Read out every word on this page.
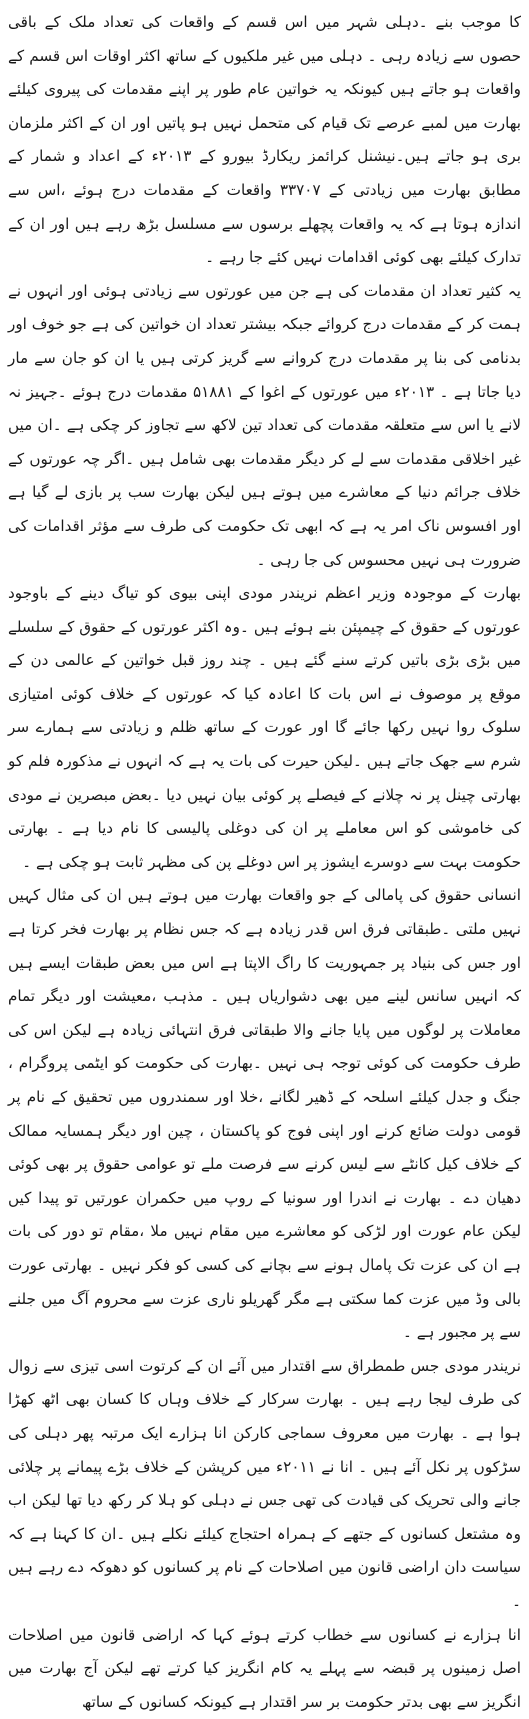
کا موجب بنے ۔دہلی شہر میں اس قسم کے واقعات کی تعداد ملک کے باقی حصوں سے زیادہ رہی ۔ دہلی میں غیر ملکیوں کے ساتھ اکثر اوقات اس قسم کے واقعات ہو جاتے ہیں کیونکہ یہ خواتین عام طور پر اپنے مقدمات کی پیروی کیلئے بھارت میں لمبے عرصے تک قیام کی متحمل نہیں ہو پاتیں اور ان کے اکثر ملزمان بری ہو جاتے ہیں۔نیشنل کرائمز ریکارڈ بیورو کے ۲۰۱۳ء کے اعداد و شمار کے مطابق بھارت میں زیادتی کے ۳۳۷۰۷ واقعات کے مقدمات درج ہوئے ،اس سے اندازہ ہوتا ہے کہ یہ واقعات پچھلے برسوں سے مسلسل بڑھ رہے ہیں اور ان کے تدارک کیلئے بھی کوئی اقدامات نہیں کئے جا رہے ۔

یہ کثیر تعداد ان مقدمات کی ہے جن میں عورتوں سے زیادتی ہوئی اور انہوں نے ہمت کر کے مقدمات درج کروائے جبکہ بیشتر تعداد ان خواتین کی ہے جو خوف اور بدنامی کی بنا پر مقدمات درج کروانے سے گریز کرتی ہیں یا ان کو جان سے مار دیا جاتا ہے ۔ ۲۰۱۳ء میں عورتوں کے اغوا کے ۵۱۸۸۱ مقدمات درج ہوئے ۔جہیز نہ لانے یا اس سے متعلقہ مقدمات کی تعداد تین لاکھ سے تجاوز کر چکی ہے ۔ان میں غیر اخلاقی مقدمات سے لے کر دیگر مقدمات بھی شامل ہیں ۔اگر چہ عورتوں کے خلاف جرائم دنیا کے معاشرے میں ہوتے ہیں لیکن بھارت سب پر بازی لے گیا ہے اور افسوس ناک امر یہ ہے کہ ابھی تک حکومت کی طرف سے مؤثر اقدامات کی ضرورت ہی نہیں محسوس کی جا رہی ۔

بھارت کے موجودہ وزیر اعظم نریندر مودی اپنی بیوی کو تیاگ دینے کے باوجود عورتوں کے حقوق کے چیمپئن بنے ہوئے ہیں ۔وہ اکثر عورتوں کے حقوق کے سلسلے میں بڑی بڑی باتیں کرتے سنے گئے ہیں ۔ چند روز قبل خواتین کے عالمی دن کے موقع پر موصوف نے اس بات کا اعادہ کیا کہ عورتوں کے خلاف کوئی امتیازی سلوک روا نہیں رکھا جائے گا اور عورت کے ساتھ ظلم و زیادتی سے ہمارے سر شرم سے جھک جاتے ہیں ۔لیکن حیرت کی بات یہ ہے کہ انہوں نے مذکورہ فلم کو بھارتی چینل پر نہ چلانے کے فیصلے پر کوئی بیان نہیں دیا ۔بعض مبصرین نے مودی کی خاموشی کو اس معاملے پر ان کی دوغلی پالیسی کا نام دیا ہے ۔ بھارتی حکومت بہت سے دوسرے ایشوز پر اس دوغلے پن کی مظہر ثابت ہو چکی ہے ۔

انسانی حقوق کی پامالی کے جو واقعات بھارت میں ہوتے ہیں ان کی مثال کہیں نہیں ملتی ۔طبقاتی فرق اس قدر زیادہ ہے کہ جس نظام پر بھارت فخر کرتا ہے اور جس کی بنیاد پر جمہوریت کا راگ الاپتا ہے اس میں بعض طبقات ایسے ہیں کہ انہیں سانس لینے میں بھی دشواریاں ہیں ۔ مذہب ،معیشت اور دیگر تمام معاملات پر لوگوں میں پایا جانے والا طبقاتی فرق انتہائی زیادہ ہے لیکن اس کی طرف حکومت کی کوئی توجہ ہی نہیں ۔بھارت کی حکومت کو ایٹمی پروگرام ، جنگ و جدل کیلئے اسلحہ کے ڈھیر لگانے ،خلا اور سمندروں میں تحقیق کے نام پر قومی دولت ضائع کرنے اور اپنی فوج کو پاکستان ، چین اور دیگر ہمسایہ ممالک کے خلاف کیل کانٹے سے لیس کرنے سے فرصت ملے تو عوامی حقوق پر بھی کوئی دھیان دے ۔ بھارت نے اندرا اور سونیا کے روپ میں حکمران عورتیں تو پیدا کیں لیکن عام عورت اور لڑکی کو معاشرے میں مقام نہیں ملا ،مقام تو دور کی بات ہے ان کی عزت تک پامال ہونے سے بچانے کی کسی کو فکر نہیں ۔ بھارتی عورت بالی وڈ میں عزت کما سکتی ہے مگر گھریلو ناری عزت سے محروم آگ میں جلنے سے پر مجبور ہے ۔

نریندر مودی جس طمطراق سے اقتدار میں آئے ان کے کرتوت اسی تیزی سے زوال کی طرف لیجا رہے ہیں ۔ بھارت سرکار کے خلاف وہاں کا کسان بھی اٹھ کھڑا ہوا ہے ۔ بھارت میں معروف سماجی کارکن انا ہزارے ایک مرتبہ پھر دہلی کی سڑکوں پر نکل آئے ہیں ۔ انا نے ۲۰۱۱ء میں کرپشن کے خلاف بڑے پیمانے پر چلائی جانے والی تحریک کی قیادت کی تھی جس نے دہلی کو ہلا کر رکھ دیا تھا لیکن اب وہ مشتعل کسانوں کے جتھے کے ہمراہ احتجاج کیلئے نکلے ہیں ۔ان کا کہنا ہے کہ سیاست دان اراضی قانون میں اصلاحات کے نام پر کسانوں کو دھوکہ دے رہے ہیں ۔

انا ہزارے نے کسانوں سے خطاب کرتے ہوئے کہا کہ اراضی قانون میں اصلاحات اصل زمینوں پر قبضہ سے پہلے یہ کام انگریز کیا کرتے تھے لیکن آج بھارت میں انگریز سے بھی بدتر حکومت بر سر اقتدار ہے کیونکہ کسانوں کے ساتھ
